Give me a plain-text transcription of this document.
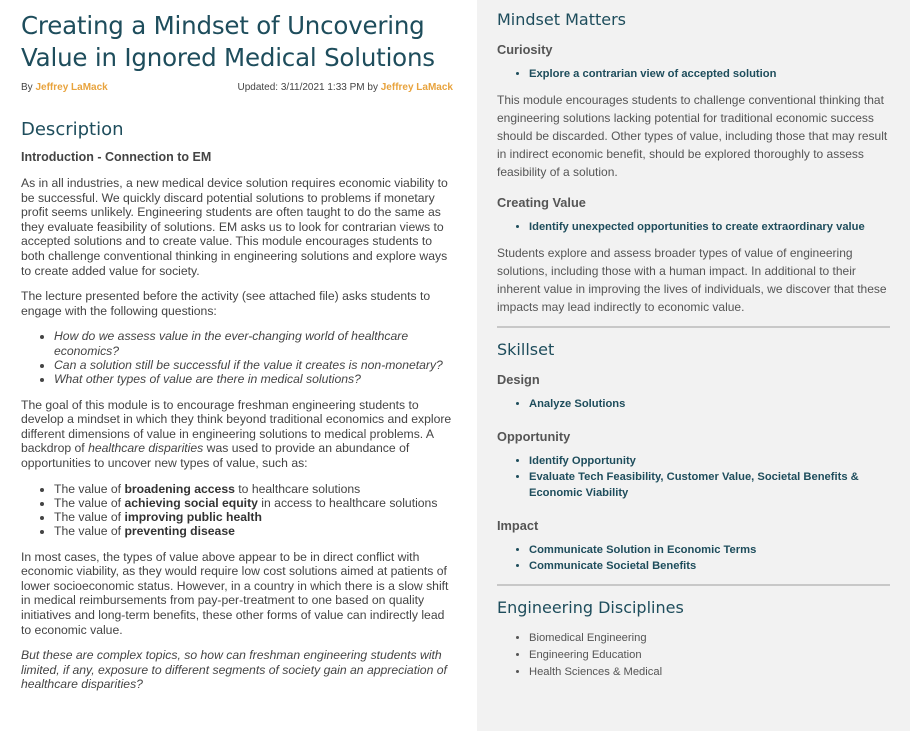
Creating a Mindset of Uncovering Value in Ignored Medical Solutions
By Jeffrey LaMack	Updated: 3/11/2021 1:33 PM by Jeffrey LaMack
Description
Introduction - Connection to EM

As in all industries, a new medical device solution requires economic viability to be successful. We quickly discard potential solutions to problems if monetary profit seems unlikely. Engineering students are often taught to do the same as they evaluate feasibility of solutions. EM asks us to look for contrarian views to accepted solutions and to create value. This module encourages students to both challenge conventional thinking in engineering solutions and explore ways to create added value for society.

The lecture presented before the activity (see attached file) asks students to engage with the following questions:

• How do we assess value in the ever-changing world of healthcare economics?
• Can a solution still be successful if the value it creates is non-monetary?
• What other types of value are there in medical solutions?

The goal of this module is to encourage freshman engineering students to develop a mindset in which they think beyond traditional economics and explore different dimensions of value in engineering solutions to medical problems. A backdrop of healthcare disparities was used to provide an abundance of opportunities to uncover new types of value, such as:

• The value of broadening access to healthcare solutions
• The value of achieving social equity in access to healthcare solutions
• The value of improving public health
• The value of preventing disease

In most cases, the types of value above appear to be in direct conflict with economic viability, as they would require low cost solutions aimed at patients of lower socioeconomic status. However, in a country in which there is a slow shift in medical reimbursements from pay-per-treatment to one based on quality initiatives and long-term benefits, these other forms of value can indirectly lead to economic value.

But these are complex topics, so how can freshman engineering students with limited, if any, exposure to different segments of society gain an appreciation of healthcare disparities?

Mindset Matters
Curiosity
• Explore a contrarian view of accepted solution
This module encourages students to challenge conventional thinking that engineering solutions lacking potential for traditional economic success should be discarded. Other types of value, including those that may result in indirect economic benefit, should be explored thoroughly to assess feasibility of a solution.
Creating Value
• Identify unexpected opportunities to create extraordinary value
Students explore and assess broader types of value of engineering solutions, including those with a human impact. In additional to their inherent value in improving the lives of individuals, we discover that these impacts may lead indirectly to economic value.
Skillset
Design
• Analyze Solutions
Opportunity
• Identify Opportunity
• Evaluate Tech Feasibility, Customer Value, Societal Benefits & Economic Viability
Impact
• Communicate Solution in Economic Terms
• Communicate Societal Benefits
Engineering Disciplines
• Biomedical Engineering
• Engineering Education
• Health Sciences & Medical
